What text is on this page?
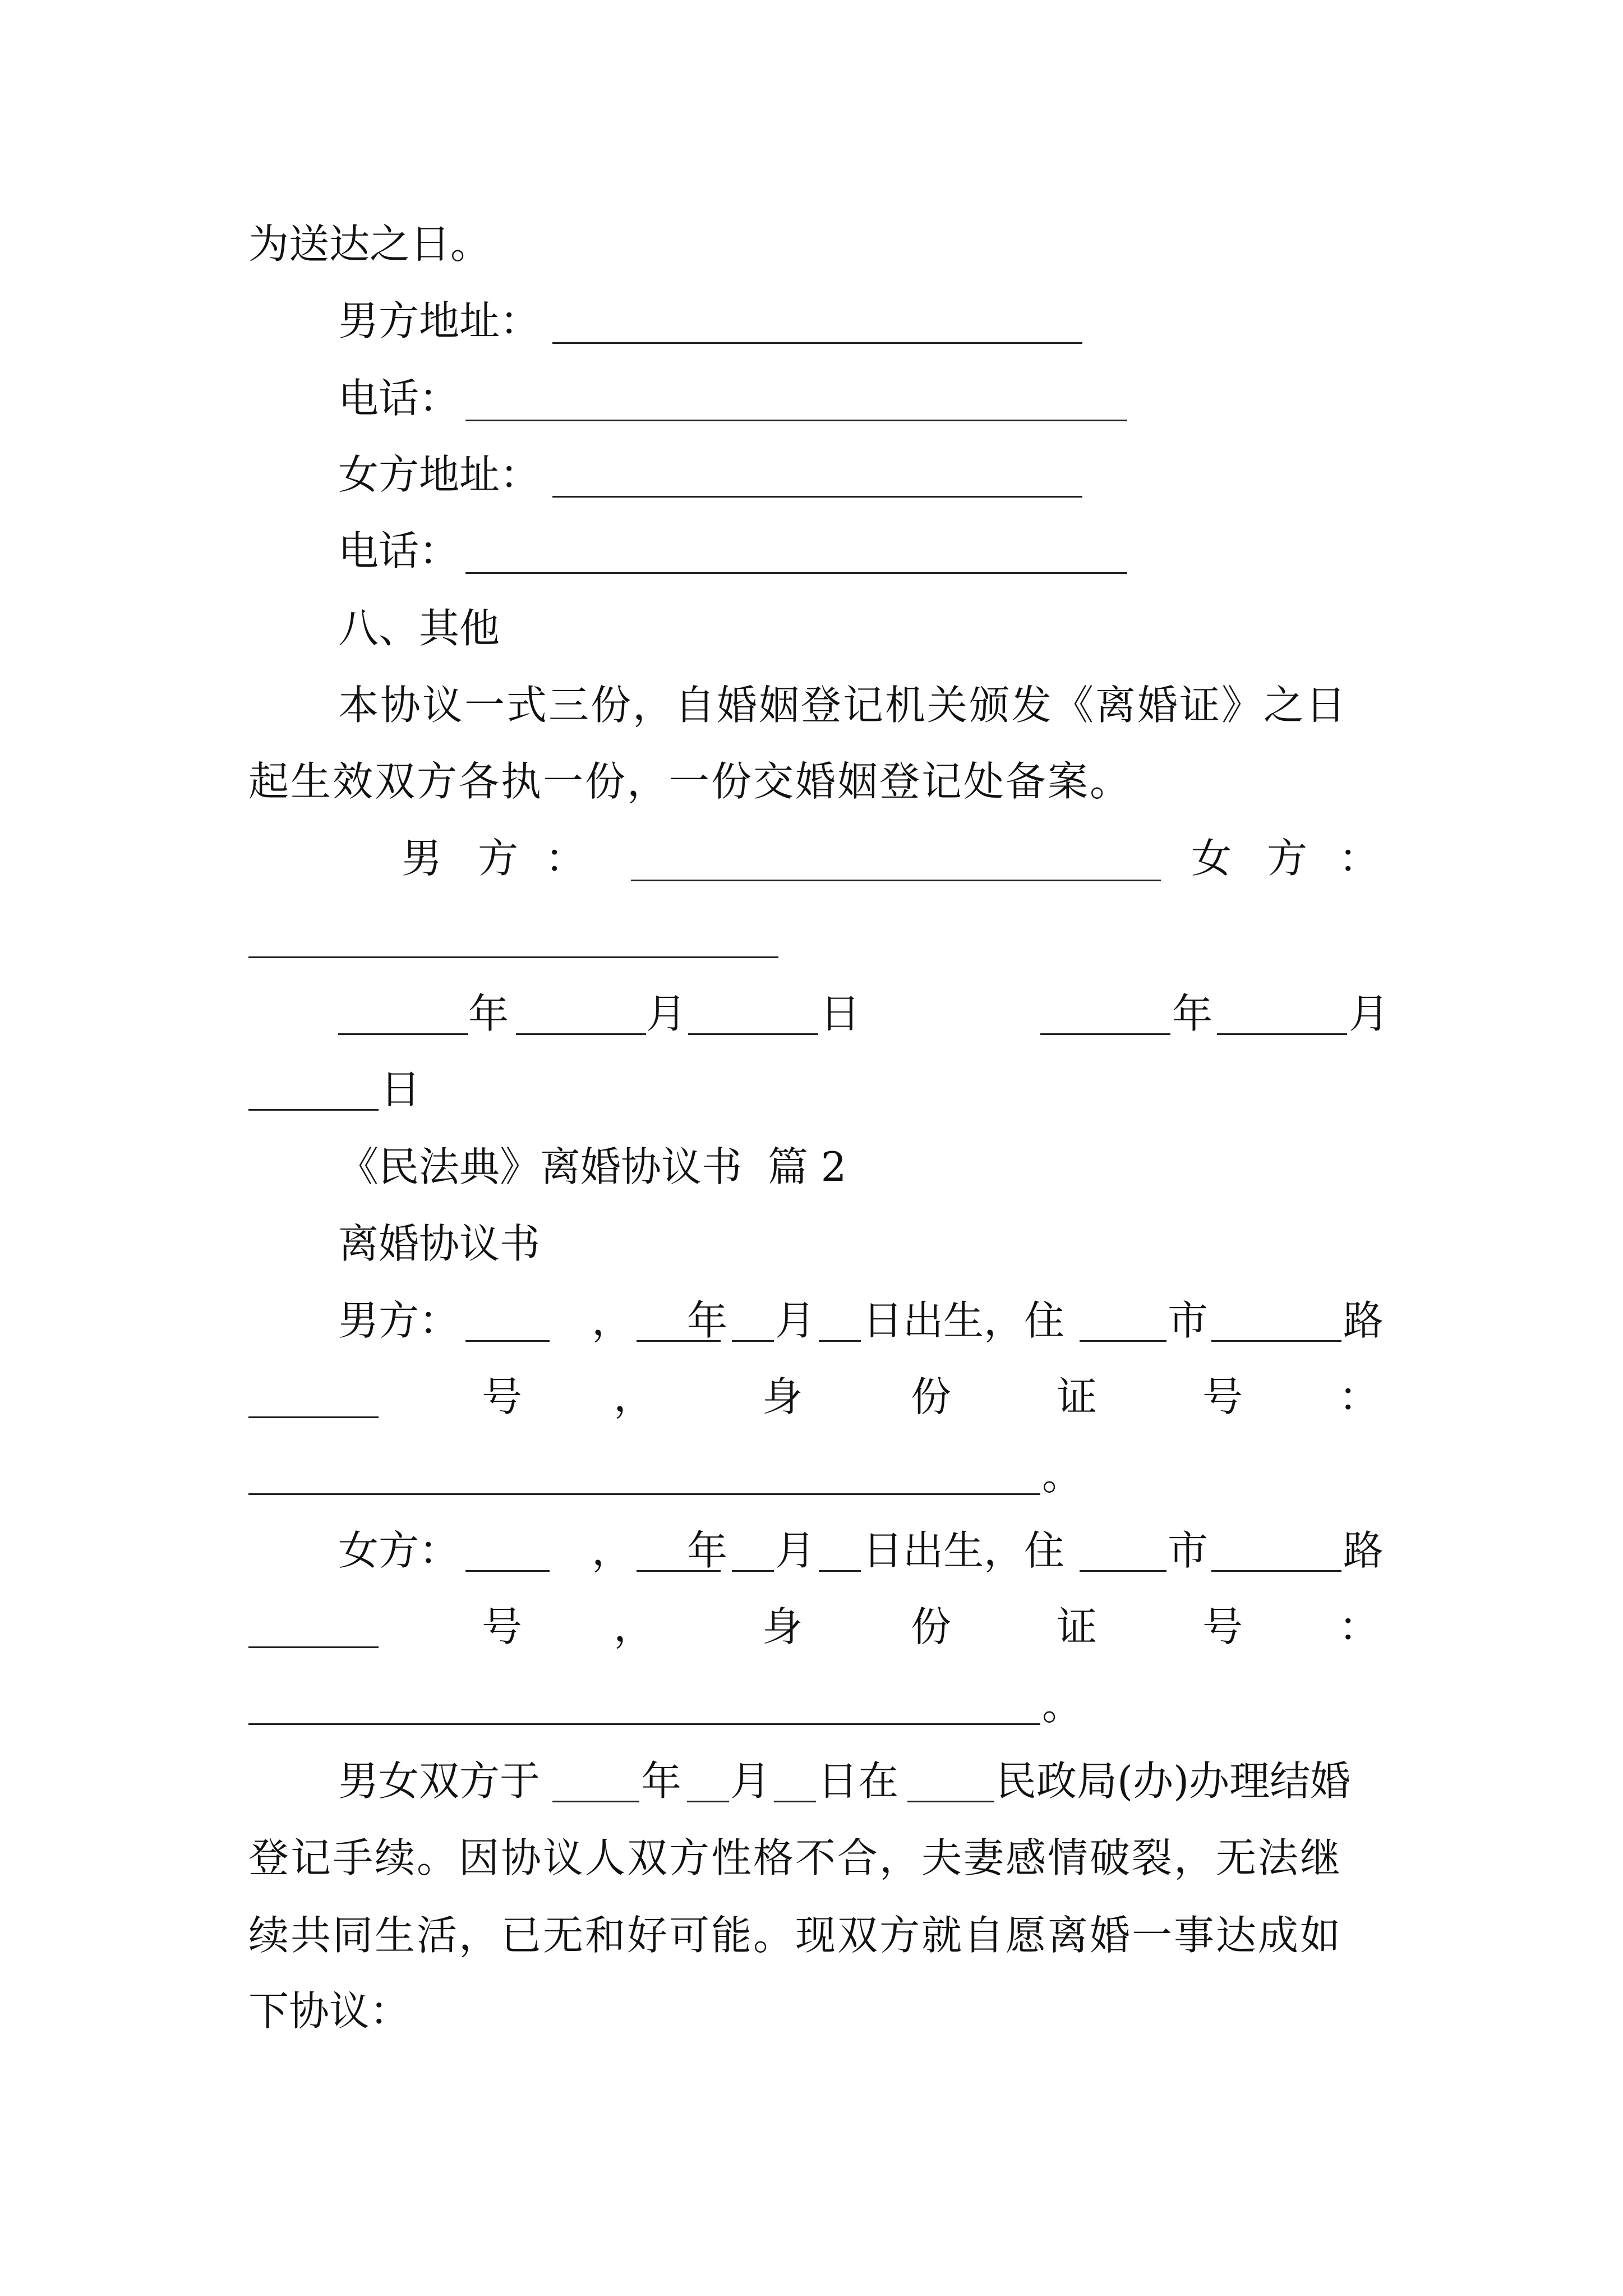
为送达之日。
男方地址：
电话：
女方地址：
电话：
八、其他
本协议一式三份，自婚姻登记机关颁发《离婚证》之日
起生效双方各执一份，一份交婚姻登记处备案。
男 方 ：	女 方 ：
年	月	日	年	月
日
《民法典》离婚协议书  篇 2
离婚协议书
男方：	， 年 月 日出生，住	市	路
号 ，	身	份	证	号 ：
。
女方：	， 年 月 日出生，住	市	路
号 ，	身	份	证	号 ：
。
男女双方于 年 月 日在 民政局(办)办理结婚
登记手续。因协议人双方性格不合，夫妻感情破裂，无法继
续共同生活，已无和好可能。现双方就自愿离婚一事达成如
下协议：
